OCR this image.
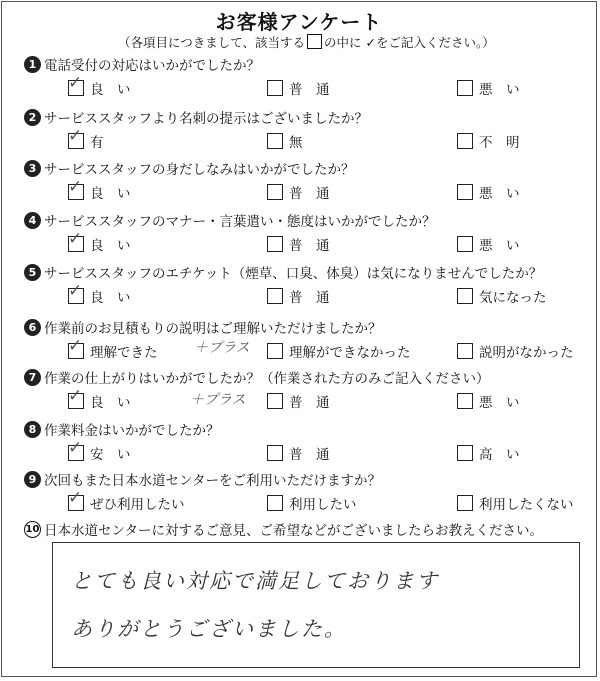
お客様アンケート
（各項目につきまして、該当する の中に ✓をご記入ください。）
1 電話受付の対応はいかがでしたか？
✓ 良　い	普　通	悪　い
2 サービススタッフより名刺の提示はございましたか？
✓ 有	無	不　明
3 サービススタッフの身だしなみはいかがでしたか？
✓ 良　い	普　通	悪　い
4 サービススタッフのマナー・言葉遣い・態度はいかがでしたか？
✓ 良　い	普　通	悪　い
5 サービススタッフのエチケット（煙草、口臭、体臭）は気になりませんでしたか？
✓ 良　い	普　通	気になった
6 作業前のお見積もりの説明はご理解いただけましたか？
✓ 理解できた	理解ができなかった	説明がなかった
＋プラス
7 作業の仕上がりはいかがでしたか？（作業された方のみご記入ください）
✓ 良　い	普　通	悪　い
＋プラス
8 作業料金はいかがでしたか？
✓ 安　い	普　通	高　い
9 次回もまた日本水道センターをご利用いただけますか？
✓ ぜひ利用したい	利用したい	利用したくない
10 日本水道センターに対するご意見、ご希望などがございましたらお教えください。
とても良い対応で満足しております
ありがとうございました。
